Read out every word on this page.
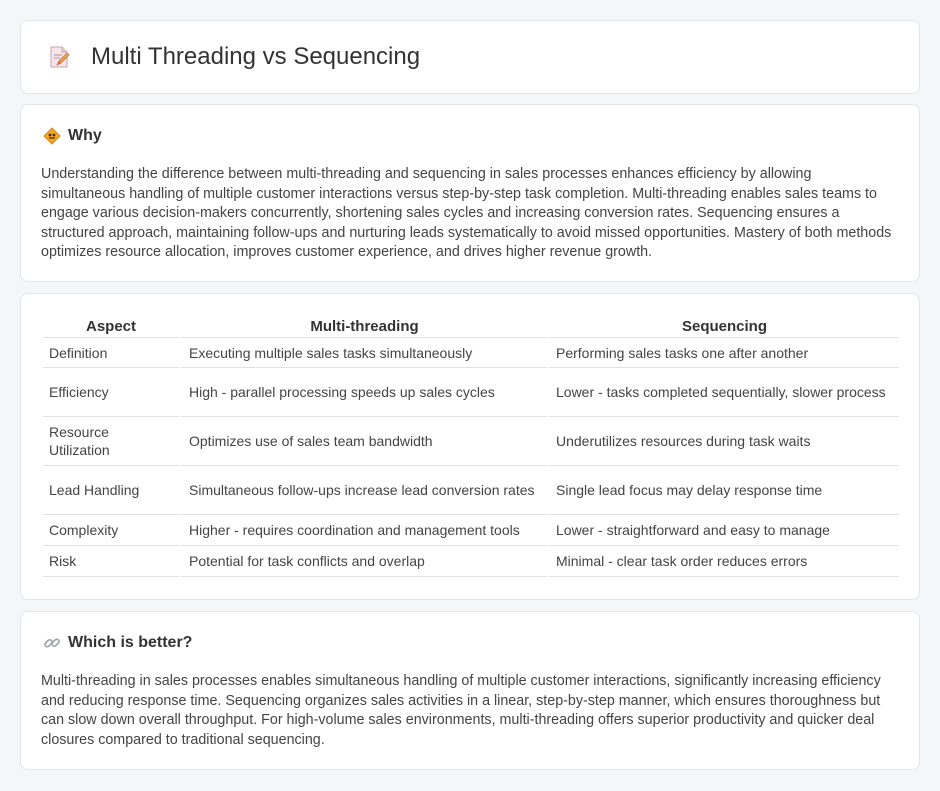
Multi Threading vs Sequencing
Why

Understanding the difference between multi-threading and sequencing in sales processes enhances efficiency by allowing simultaneous handling of multiple customer interactions versus step-by-step task completion. Multi-threading enables sales teams to engage various decision-makers concurrently, shortening sales cycles and increasing conversion rates. Sequencing ensures a structured approach, maintaining follow-ups and nurturing leads systematically to avoid missed opportunities. Mastery of both methods optimizes resource allocation, improves customer experience, and drives higher revenue growth.

Aspect	Multi-threading	Sequencing
Definition	Executing multiple sales tasks simultaneously	Performing sales tasks one after another
Efficiency	High - parallel processing speeds up sales cycles	Lower - tasks completed sequentially, slower process
Resource Utilization	Optimizes use of sales team bandwidth	Underutilizes resources during task waits
Lead Handling	Simultaneous follow-ups increase lead conversion rates	Single lead focus may delay response time
Complexity	Higher - requires coordination and management tools	Lower - straightforward and easy to manage
Risk	Potential for task conflicts and overlap	Minimal - clear task order reduces errors
Which is better?

Multi-threading in sales processes enables simultaneous handling of multiple customer interactions, significantly increasing efficiency and reducing response time. Sequencing organizes sales activities in a linear, step-by-step manner, which ensures thoroughness but can slow down overall throughput. For high-volume sales environments, multi-threading offers superior productivity and quicker deal closures compared to traditional sequencing.
